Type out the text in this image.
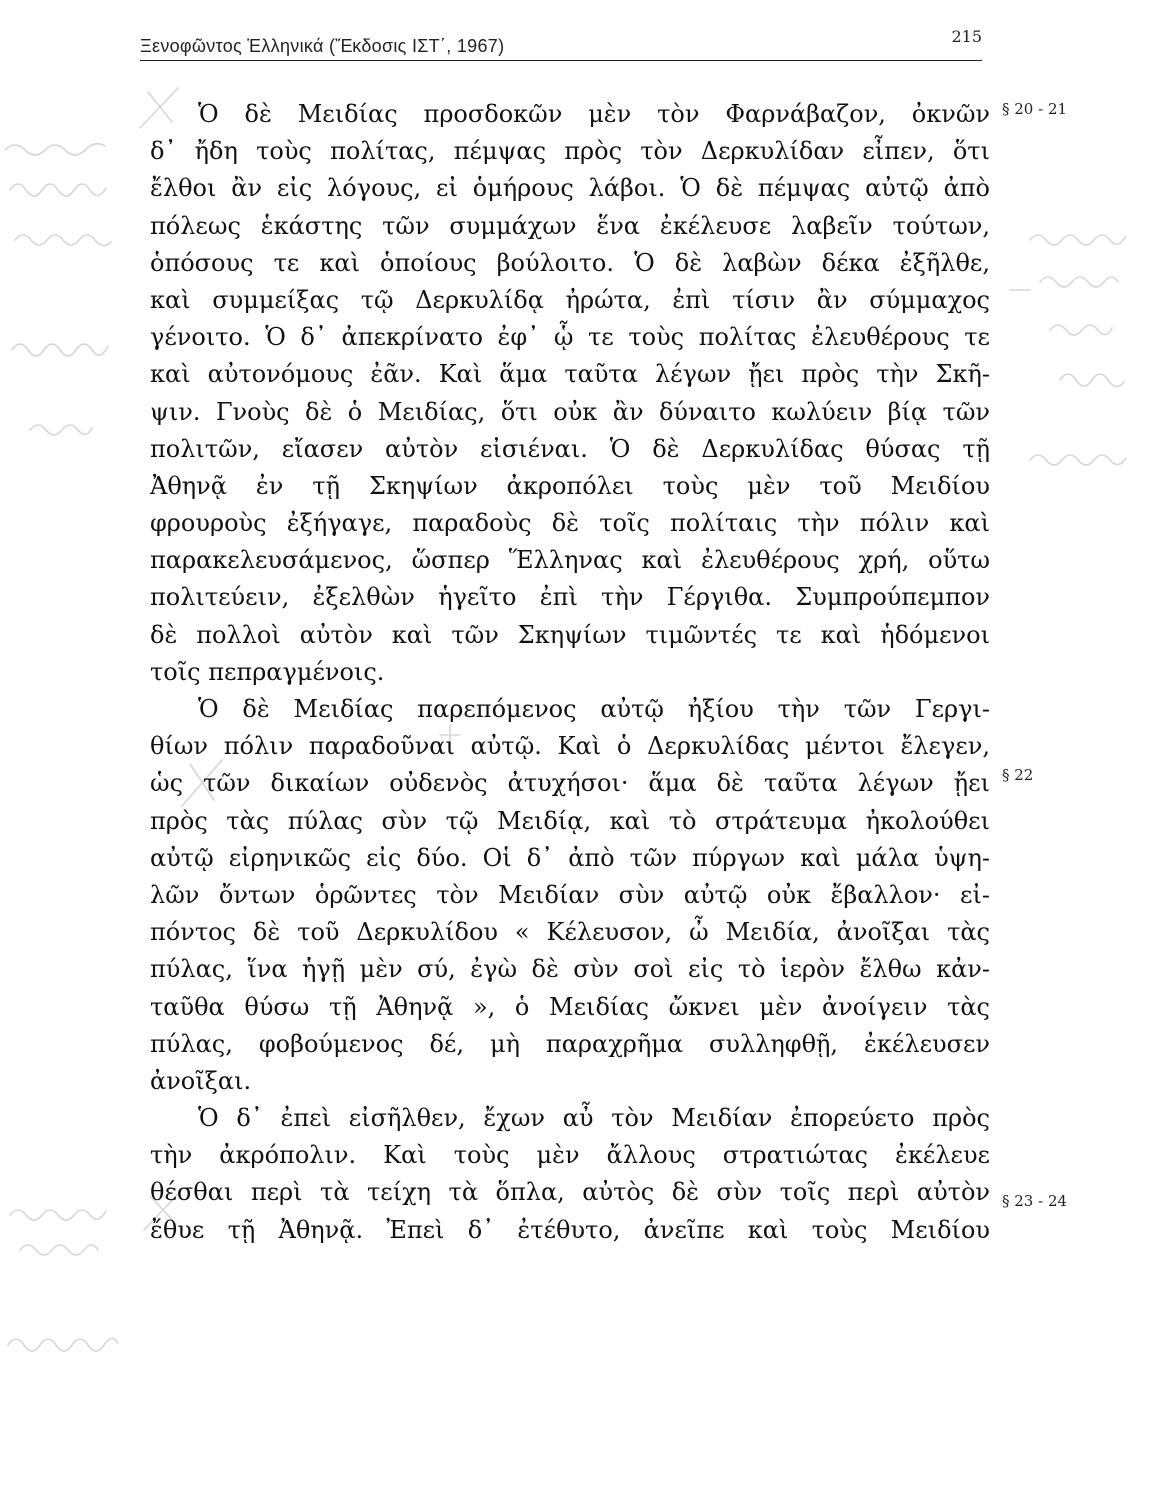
Ξενοφῶντος Ἑλληνικά (Ἔκδοσις ΙΣΤ΄, 1967)	215
Ὁ δὲ Μειδίας προσδοκῶν μὲν τὸν Φαρνάβαζον, ὀκνῶν
δ᾽ ἤδη τοὺς πολίτας, πέμψας πρὸς τὸν Δερκυλίδαν εἶπεν, ὅτι
ἔλθοι ἂν εἰς λόγους, εἰ ὁμήρους λάβοι. Ὁ δὲ πέμψας αὐτῷ ἀπὸ
πόλεως ἑκάστης τῶν συμμάχων ἕνα ἐκέλευσε λαβεῖν τούτων,
ὁπόσους τε καὶ ὁποίους βούλοιτο. Ὁ δὲ λαβὼν δέκα ἐξῆλθε,
καὶ συμμείξας τῷ Δερκυλίδᾳ ἠρώτα, ἐπὶ τίσιν ἂν σύμμαχος
γένοιτο. Ὁ δ᾽ ἀπεκρίνατο ἐφ᾽ ᾧ τε τοὺς πολίτας ἐλευθέρους τε
καὶ αὐτονόμους ἐᾶν. Καὶ ἅμα ταῦτα λέγων ᾔει πρὸς τὴν Σκῆ-
ψιν. Γνοὺς δὲ ὁ Μειδίας, ὅτι οὐκ ἂν δύναιτο κωλύειν βίᾳ τῶν
πολιτῶν, εἴασεν αὐτὸν εἰσιέναι. Ὁ δὲ Δερκυλίδας θύσας τῇ
Ἀθηνᾷ ἐν τῇ Σκηψίων ἀκροπόλει τοὺς μὲν τοῦ Μειδίου
φρουροὺς ἐξήγαγε, παραδοὺς δὲ τοῖς πολίταις τὴν πόλιν καὶ
παρακελευσάμενος, ὥσπερ Ἕλληνας καὶ ἐλευθέρους χρή, οὕτω
πολιτεύειν, ἐξελθὼν ἡγεῖτο ἐπὶ τὴν Γέργιθα. Συμπρούπεμπον
δὲ πολλοὶ αὐτὸν καὶ τῶν Σκηψίων τιμῶντές τε καὶ ἡδόμενοι
τοῖς πεπραγμένοις.
Ὁ δὲ Μειδίας παρεπόμενος αὐτῷ ἠξίου τὴν τῶν Γεργι-
θίων πόλιν παραδοῦναι αὐτῷ. Καὶ ὁ Δερκυλίδας μέντοι ἔλεγεν,
ὡς τῶν δικαίων οὐδενὸς ἀτυχήσοι· ἅμα δὲ ταῦτα λέγων ᾔει
πρὸς τὰς πύλας σὺν τῷ Μειδίᾳ, καὶ τὸ στράτευμα ἠκολούθει
αὐτῷ εἰρηνικῶς εἰς δύο. Οἱ δ᾽ ἀπὸ τῶν πύργων καὶ μάλα ὑψη-
λῶν ὄντων ὁρῶντες τὸν Μειδίαν σὺν αὐτῷ οὐκ ἔβαλλον· εἰ-
πόντος δὲ τοῦ Δερκυλίδου « Κέλευσον, ὦ Μειδία, ἀνοῖξαι τὰς
πύλας, ἵνα ἡγῇ μὲν σύ, ἐγὼ δὲ σὺν σοὶ εἰς τὸ ἱερὸν ἔλθω κἀν-
ταῦθα θύσω τῇ Ἀθηνᾷ », ὁ Μειδίας ὤκνει μὲν ἀνοίγειν τὰς
πύλας, φοβούμενος δέ, μὴ παραχρῆμα συλληφθῇ, ἐκέλευσεν
ἀνοῖξαι.
Ὁ δ᾽ ἐπεὶ εἰσῆλθεν, ἔχων αὖ τὸν Μειδίαν ἐπορεύετο πρὸς
τὴν ἀκρόπολιν. Καὶ τοὺς μὲν ἄλλους στρατιώτας ἐκέλευε
θέσθαι περὶ τὰ τείχη τὰ ὅπλα, αὐτὸς δὲ σὺν τοῖς περὶ αὐτὸν
ἔθυε τῇ Ἀθηνᾷ. Ἐπεὶ δ᾽ ἐτέθυτο, ἀνεῖπε καὶ τοὺς Μειδίου
§ 20 - 21
§ 22
§ 23 - 24
